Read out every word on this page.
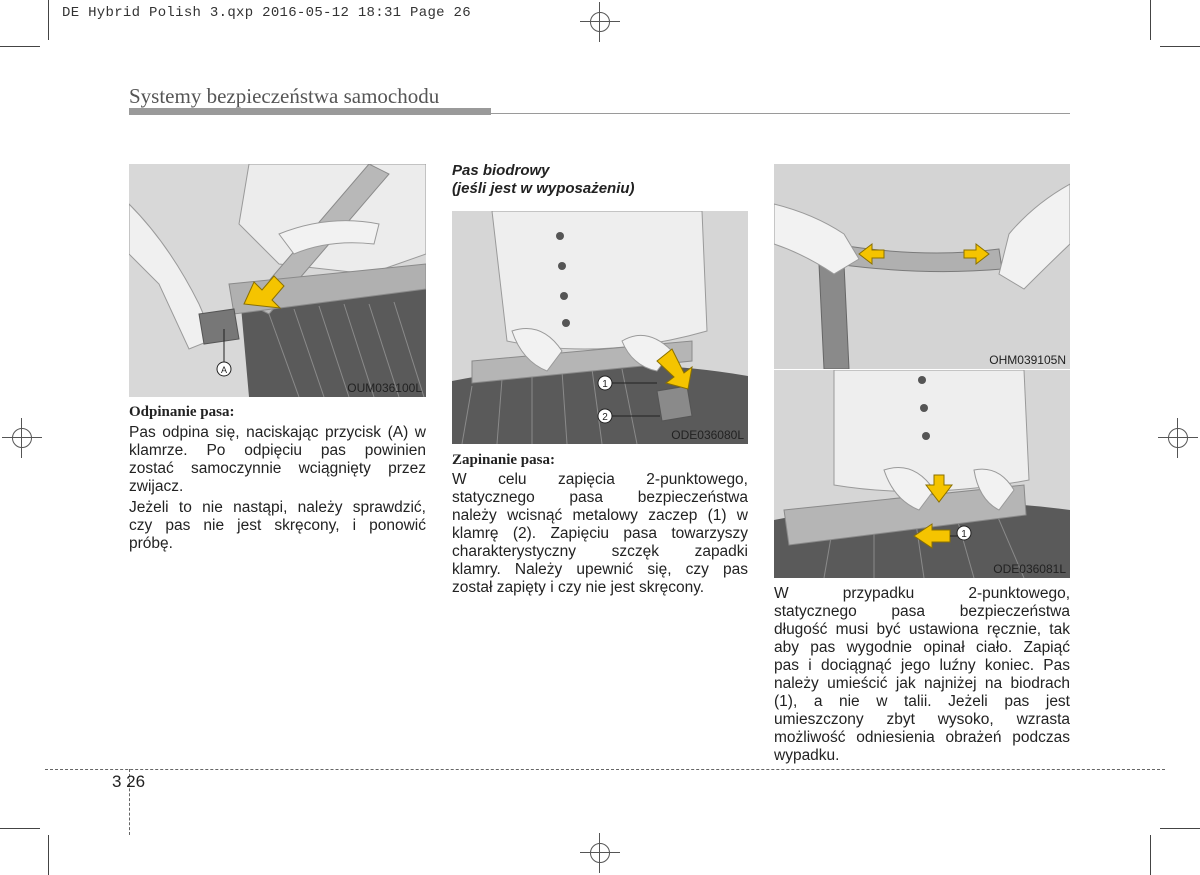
DE Hybrid Polish 3.qxp 2016-05-12 18:31 Page 26
Systemy bezpieczeństwa samochodu
A
OUM036100L
Odpinanie pasa:
Pas odpina się, naciskając przycisk (A) w
klamrze. Po odpięciu pas powinien
zostać samoczynnie wciągnięty przez
zwijacz.
Jeżeli to nie nastąpi, należy sprawdzić,
czy pas nie jest skręcony, i ponowić
próbę.
Pas biodrowy
(jeśli jest w wyposażeniu)
1
2
ODE036080L
Zapinanie pasa:
W celu zapięcia 2-punktowego,
statycznego pasa bezpieczeństwa
należy wcisnąć metalowy zaczep (1) w
klamrę (2). Zapięciu pasa towarzyszy
charakterystyczny szczęk zapadki
klamry. Należy upewnić się, czy pas
został zapięty i czy nie jest skręcony.
OHM039105N
1
ODE036081L
W przypadku 2-punktowego,
statycznego pasa bezpieczeństwa
długość musi być ustawiona ręcznie, tak
aby pas wygodnie opinał ciało. Zapiąć
pas i dociągnąć jego luźny koniec. Pas
należy umieścić jak najniżej na biodrach
(1), a nie w talii. Jeżeli pas jest
umieszczony zbyt wysoko, wzrasta
możliwość odniesienia obrażeń podczas
wypadku.
3 26
